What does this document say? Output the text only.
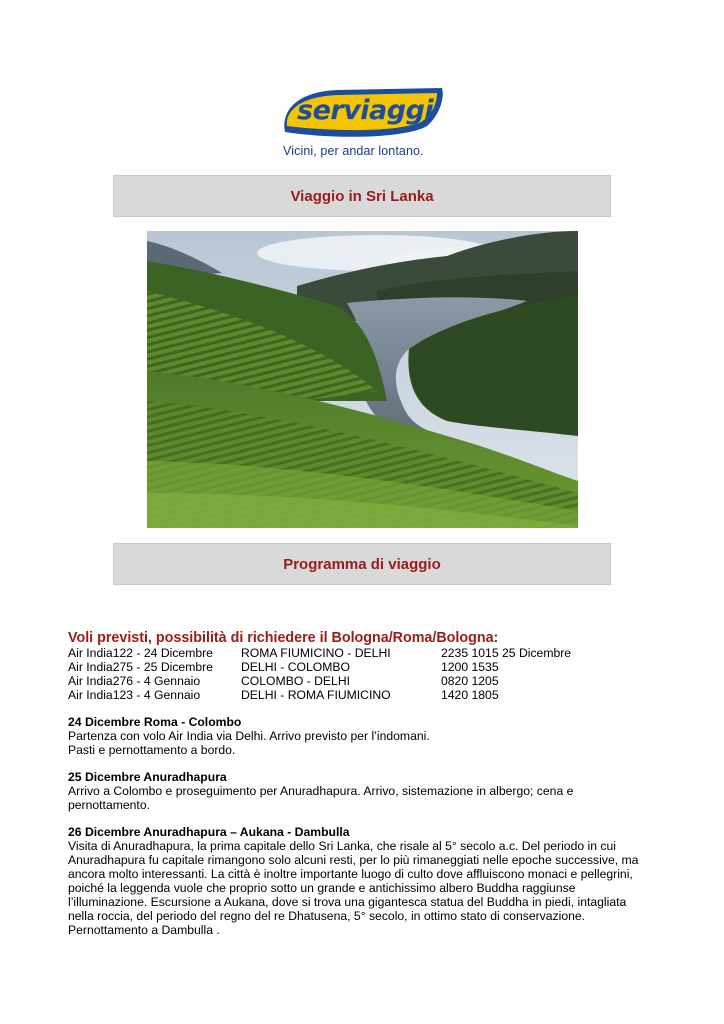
serviaggi
Vicini, per andar lontano.
Viaggio in Sri Lanka
Programma di viaggio

Voli previsti, possibilità di richiedere il Bologna/Roma/Bologna:

Air India122 - 24 Dicembre ROMA FIUMICINO - DELHI	2235 1015 25 Dicembre
Air India275 - 25 Dicembre DELHI - COLOMBO	1200 1535
Air India276 - 4 Gennaio	COLOMBO - DELHI	0820 1205
Air India123 - 4 Gennaio	DELHI - ROMA FIUMICINO	1420 1805

24 Dicembre Roma - Colombo

Partenza con volo Air India via Delhi. Arrivo previsto per l’indomani.
Pasti e pernottamento a bordo.

25 Dicembre Anuradhapura

Arrivo a Colombo e proseguimento per Anuradhapura. Arrivo, sistemazione in albergo; cena e
pernottamento.

26 Dicembre Anuradhapura – Aukana - Dambulla

Visita di Anuradhapura, la prima capitale dello Sri Lanka, che risale al 5° secolo a.c. Del periodo in cui
Anuradhapura fu capitale rimangono solo alcuni resti, per lo più rimaneggiati nelle epoche successive, ma
ancora molto interessanti. La città è inoltre importante luogo di culto dove affluiscono monaci e pellegrini,
poiché la leggenda vuole che proprio sotto un grande e antichissimo albero Buddha raggiunse
l’illuminazione. Escursione a Aukana, dove si trova una gigantesca statua del Buddha in piedi, intagliata
nella roccia, del periodo del regno del re Dhatusena, 5° secolo, in ottimo stato di conservazione.
Pernottamento a Dambulla .
